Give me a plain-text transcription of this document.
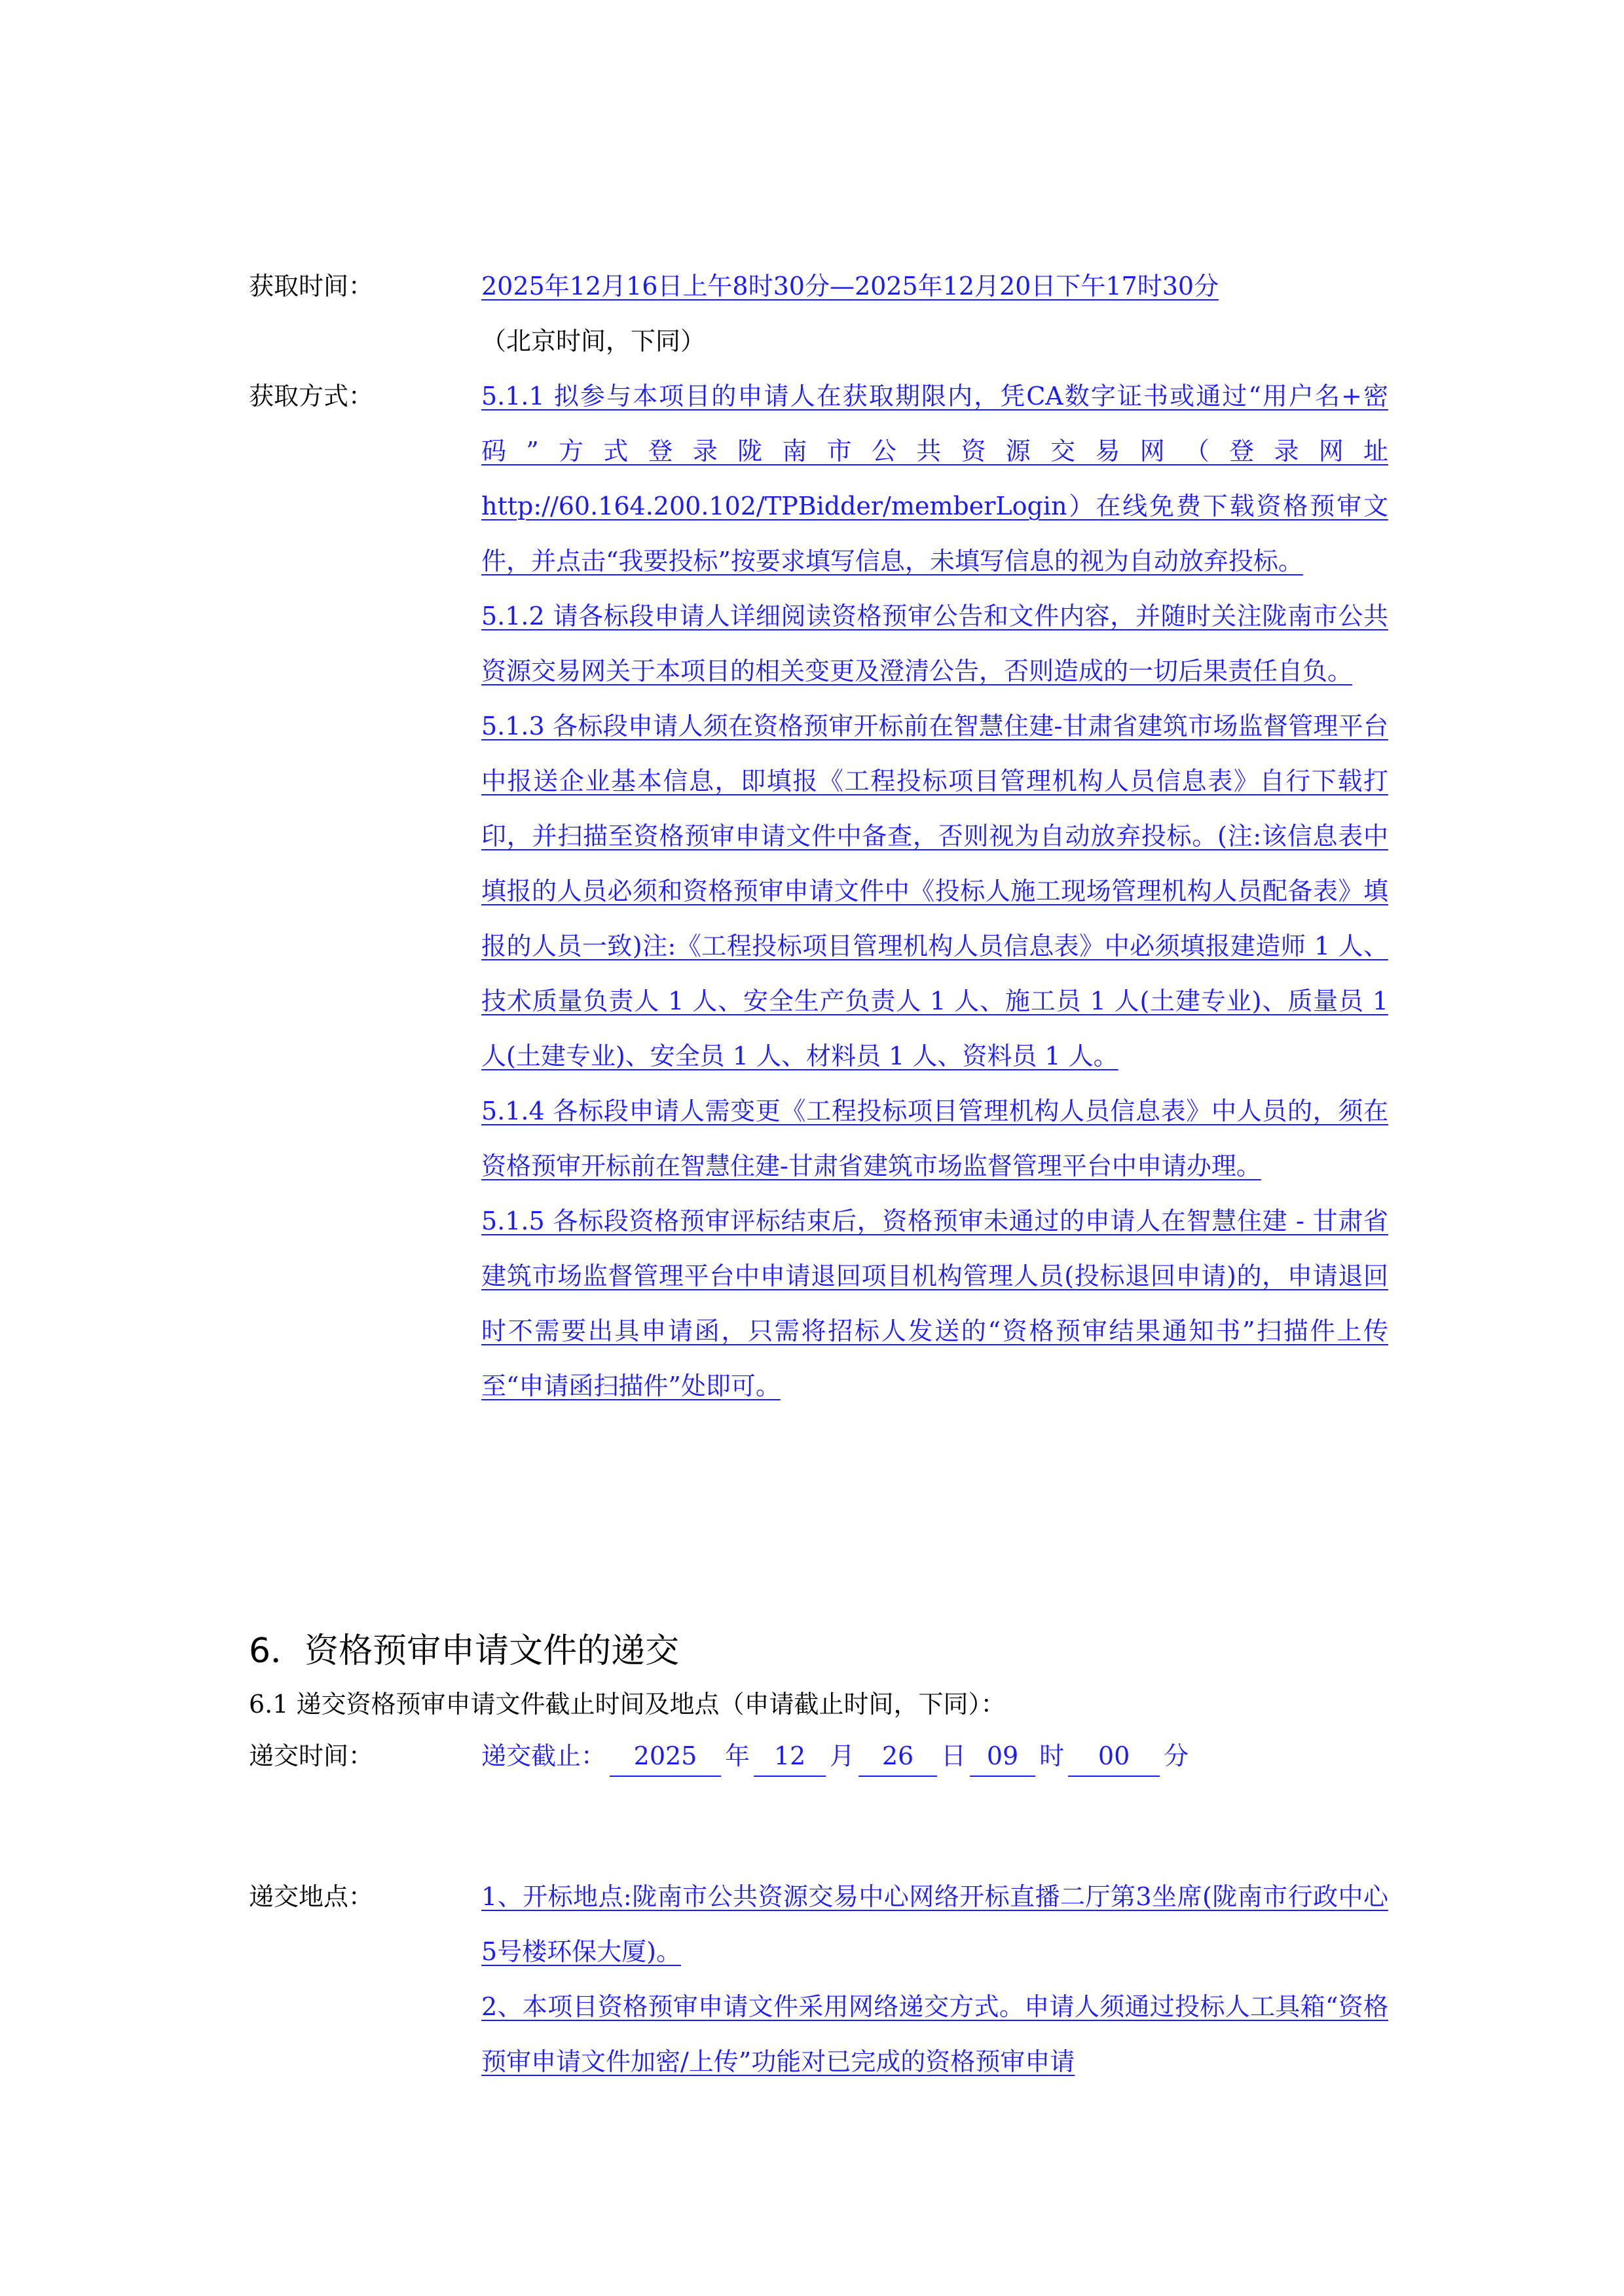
获取时间：	2025年12月16日上午8时30分—2025年12月20日下午17时30分
（北京时间，下同）
获取方式：	5.1.1 拟参与本项目的申请人在获取期限内，凭CA数字证书或通过“用户名+密码”方式登录陇南市公共资源交易网（登录网址http://60.164.200.102/TPBidder/memberLogin）在线免费下载资格预审文件，并点击“我要投标”按要求填写信息，未填写信息的视为自动放弃投标。
5.1.2 请各标段申请人详细阅读资格预审公告和文件内容，并随时关注陇南市公共资源交易网关于本项目的相关变更及澄清公告，否则造成的一切后果责任自负。
5.1.3 各标段申请人须在资格预审开标前在智慧住建-甘肃省建筑市场监督管理平台中报送企业基本信息，即填报《工程投标项目管理机构人员信息表》自行下载打印，并扫描至资格预审申请文件中备查，否则视为自动放弃投标。(注:该信息表中填报的人员必须和资格预审申请文件中《投标人施工现场管理机构人员配备表》填报的人员一致)注:《工程投标项目管理机构人员信息表》中必须填报建造师 1 人、技术质量负责人 1 人、安全生产负责人 1 人、施工员 1 人(土建专业)、质量员 1 人(土建专业)、安全员 1 人、材料员 1 人、资料员 1 人。
5.1.4 各标段申请人需变更《工程投标项目管理机构人员信息表》中人员的，须在资格预审开标前在智慧住建-甘肃省建筑市场监督管理平台中申请办理。
5.1.5 各标段资格预审评标结束后，资格预审未通过的申请人在智慧住建 - 甘肃省建筑市场监督管理平台中申请退回项目机构管理人员(投标退回申请)的，申请退回时不需要出具申请函，只需将招标人发送的“资格预审结果通知书”扫描件上传至“申请函扫描件”处即可。
6．资格预审申请文件的递交
6.1 递交资格预审申请文件截止时间及地点（申请截止时间，下同）：
递交时间：	递交截止： 2025 年 12 月 26 日 09 时 00 分
递交地点：	1、开标地点:陇南市公共资源交易中心网络开标直播二厅第3坐席(陇南市行政中心5号楼环保大厦)。
2、本项目资格预审申请文件采用网络递交方式。申请人须通过投标人工具箱“资格预审申请文件加密/上传”功能对已完成的资格预审申请
